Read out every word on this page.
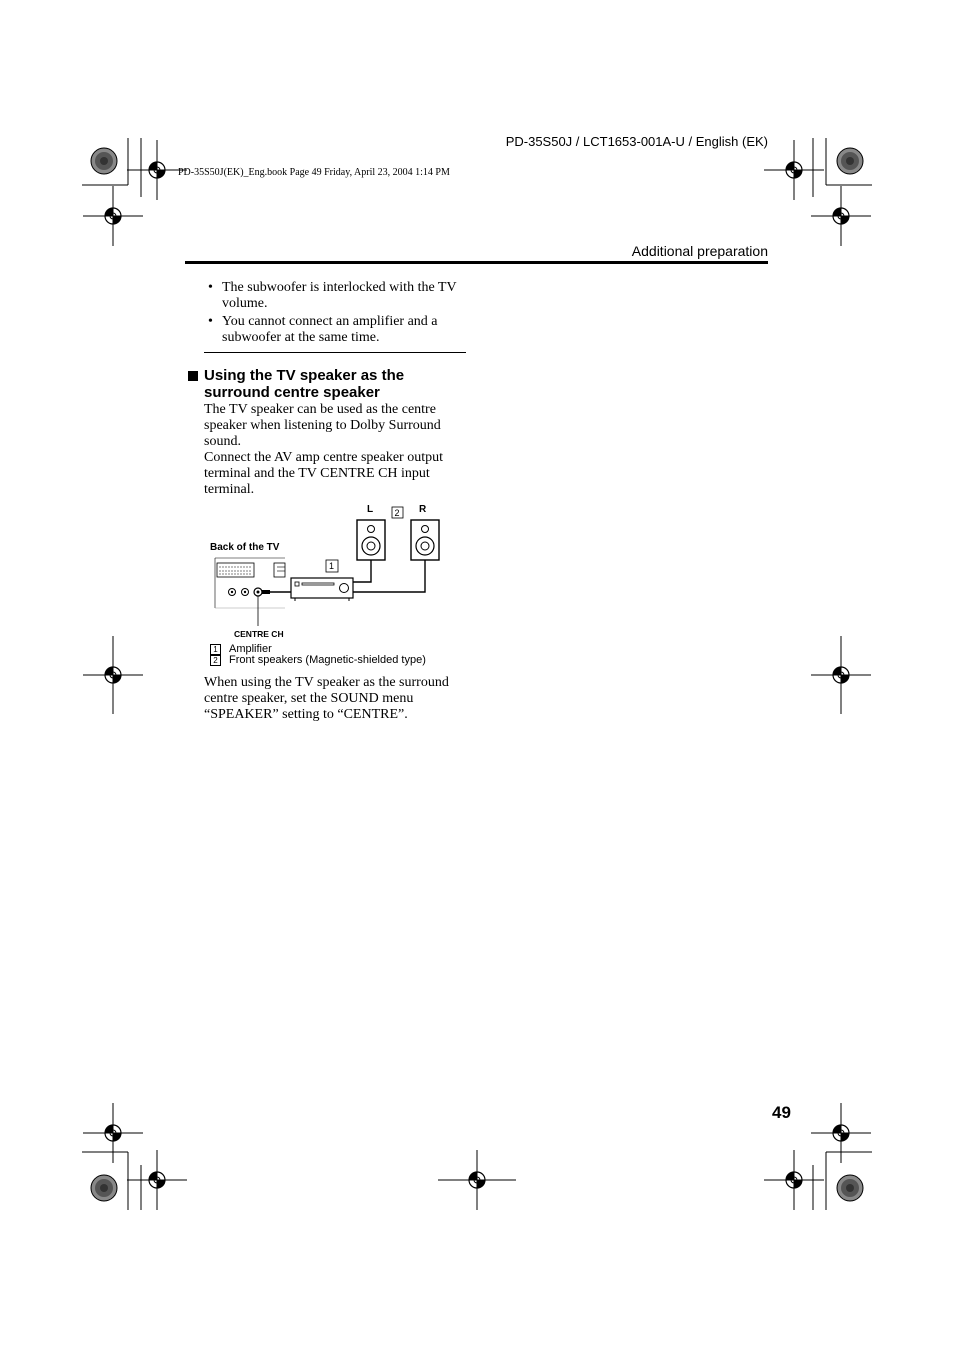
PD-35S50J / LCT1653-001A-U / English (EK)
PD-35S50J(EK)_Eng.book Page 49 Friday, April 23, 2004 1:14 PM
Additional preparation
• The subwoofer is interlocked with the TV volume.
• You cannot connect an amplifier and a subwoofer at the same time.
Using the TV speaker as the surround centre speaker

The TV speaker can be used as the centre speaker when listening to Dolby Surround sound.

Connect the AV amp centre speaker output terminal and the TV CENTRE CH input terminal.

Back of the TV
L	R
2
1
CENTRE CH
1 Amplifier
2 Front speakers (Magnetic-shielded type)

When using the TV speaker as the surround centre speaker, set the SOUND menu “SPEAKER” setting to “CENTRE”.

49
